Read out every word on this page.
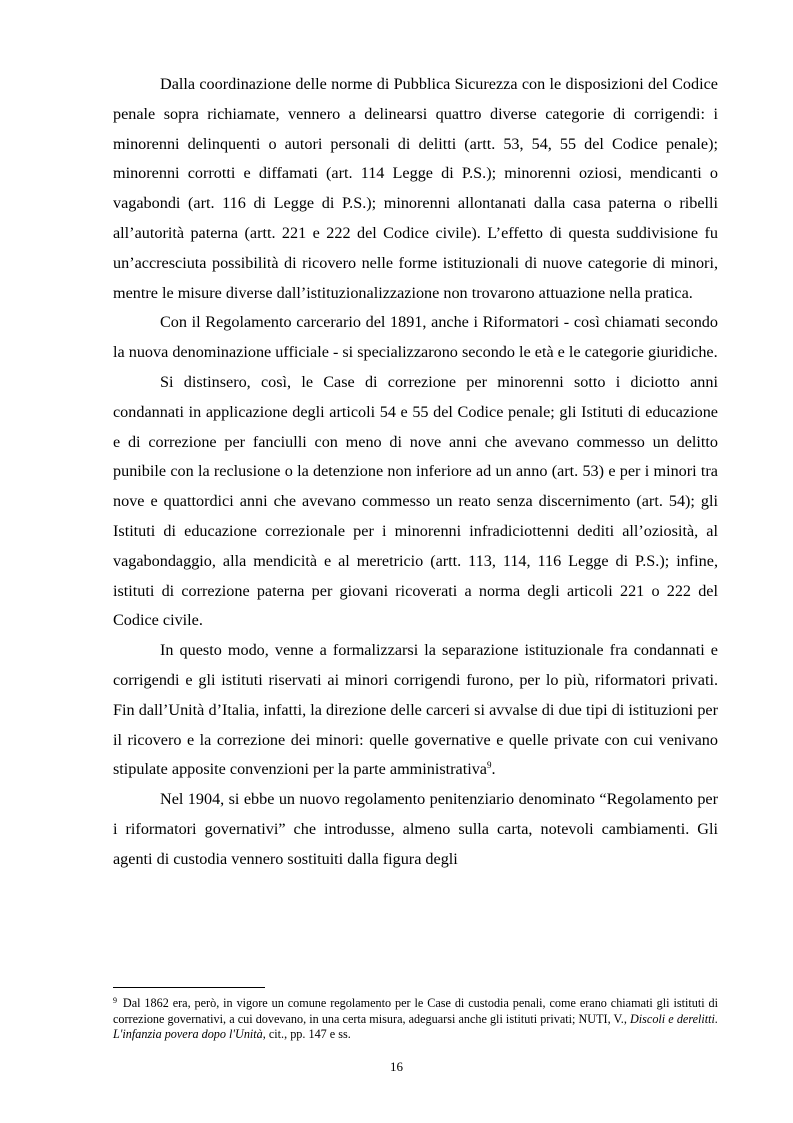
Dalla coordinazione delle norme di Pubblica Sicurezza con le disposizioni del Codice penale sopra richiamate, vennero a delinearsi quattro diverse categorie di corrigendi: i minorenni delinquenti o autori personali di delitti (artt. 53, 54, 55 del Codice penale); minorenni corrotti e diffamati (art. 114 Legge di P.S.); minorenni oziosi, mendicanti o vagabondi (art. 116 di Legge di P.S.); minorenni allontanati dalla casa paterna o ribelli all’autorità paterna (artt. 221 e 222 del Codice civile). L’effetto di questa suddivisione fu un’accresciuta possibilità di ricovero nelle forme istituzionali di nuove categorie di minori, mentre le misure diverse dall’istituzionalizzazione non trovarono attuazione nella pratica.

Con il Regolamento carcerario del 1891, anche i Riformatori - così chiamati secondo la nuova denominazione ufficiale - si specializzarono secondo le età e le categorie giuridiche.

Si distinsero, così, le Case di correzione per minorenni sotto i diciotto anni condannati in applicazione degli articoli 54 e 55 del Codice penale; gli Istituti di educazione e di correzione per fanciulli con meno di nove anni che avevano commesso un delitto punibile con la reclusione o la detenzione non inferiore ad un anno (art. 53) e per i minori tra nove e quattordici anni che avevano commesso un reato senza discernimento (art. 54); gli Istituti di educazione correzionale per i minorenni infradiciottenni dediti all’oziosità, al vagabondaggio, alla mendicità e al meretricio (artt. 113, 114, 116 Legge di P.S.); infine, istituti di correzione paterna per giovani ricoverati a norma degli articoli 221 o 222 del Codice civile.

In questo modo, venne a formalizzarsi la separazione istituzionale fra condannati e corrigendi e gli istituti riservati ai minori corrigendi furono, per lo più, riformatori privati. Fin dall’Unità d’Italia, infatti, la direzione delle carceri si avvalse di due tipi di istituzioni per il ricovero e la correzione dei minori: quelle governative e quelle private con cui venivano stipulate apposite convenzioni per la parte amministrativa$^9$.

Nel 1904, si ebbe un nuovo regolamento penitenziario denominato “Regolamento per i riformatori governativi” che introdusse, almeno sulla carta, notevoli cambiamenti. Gli agenti di custodia vennero sostituiti dalla figura degli

$^9$ Dal 1862 era, però, in vigore un comune regolamento per le Case di custodia penali, come erano chiamati gli istituti di correzione governativi, a cui dovevano, in una certa misura, adeguarsi anche gli istituti privati; NUTI, V., Discoli e derelitti. L'infanzia povera dopo l'Unità, cit., pp. 147 e ss.

16
